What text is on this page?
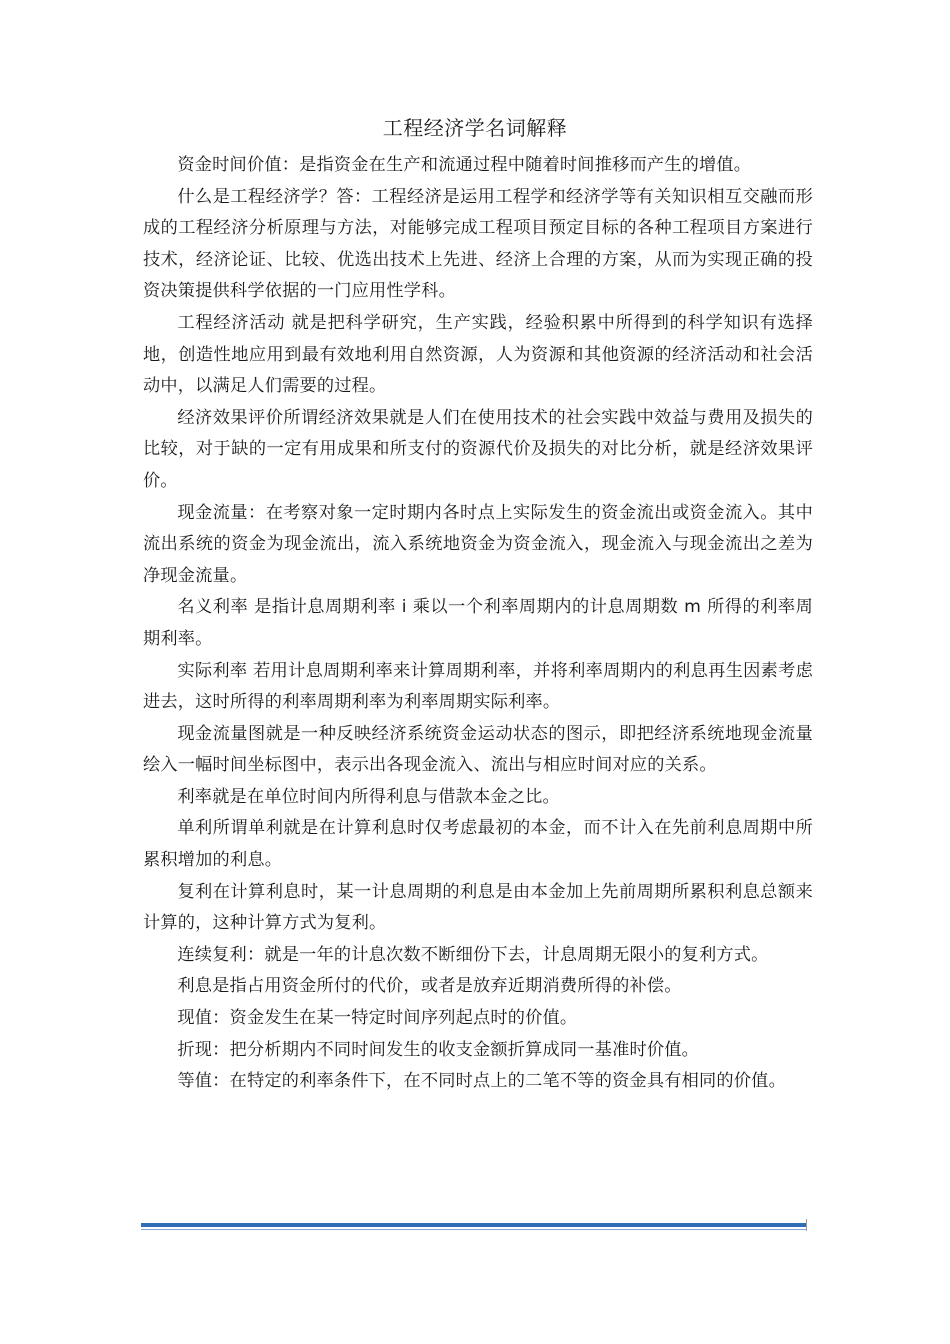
工程经济学名词解释

资金时间价值：是指资金在生产和流通过程中随着时间推移而产生的增值。

什么是工程经济学？答：工程经济是运用工程学和经济学等有关知识相互交融而形成的工程经济分析原理与方法，对能够完成工程项目预定目标的各种工程项目方案进行技术，经济论证、比较、优选出技术上先进、经济上合理的方案，从而为实现正确的投资决策提供科学依据的一门应用性学科。

工程经济活动 就是把科学研究，生产实践，经验积累中所得到的科学知识有选择地，创造性地应用到最有效地利用自然资源，人为资源和其他资源的经济活动和社会活动中，以满足人们需要的过程。

经济效果评价所谓经济效果就是人们在使用技术的社会实践中效益与费用及损失的比较，对于缺的一定有用成果和所支付的资源代价及损失的对比分析，就是经济效果评价。

现金流量：在考察对象一定时期内各时点上实际发生的资金流出或资金流入。其中流出系统的资金为现金流出，流入系统地资金为资金流入，现金流入与现金流出之差为净现金流量。

名义利率 是指计息周期利率 i 乘以一个利率周期内的计息周期数 m 所得的利率周期利率。

实际利率 若用计息周期利率来计算周期利率，并将利率周期内的利息再生因素考虑进去，这时所得的利率周期利率为利率周期实际利率。

现金流量图就是一种反映经济系统资金运动状态的图示，即把经济系统地现金流量绘入一幅时间坐标图中，表示出各现金流入、流出与相应时间对应的关系。

利率就是在单位时间内所得利息与借款本金之比。

单利所谓单利就是在计算利息时仅考虑最初的本金，而不计入在先前利息周期中所累积增加的利息。

复利在计算利息时，某一计息周期的利息是由本金加上先前周期所累积利息总额来计算的，这种计算方式为复利。

连续复利：就是一年的计息次数不断细份下去，计息周期无限小的复利方式。

利息是指占用资金所付的代价，或者是放弃近期消费所得的补偿。

现值：资金发生在某一特定时间序列起点时的价值。

折现：把分析期内不同时间发生的收支金额折算成同一基准时价值。

等值：在特定的利率条件下，在不同时点上的二笔不等的资金具有相同的价值。
